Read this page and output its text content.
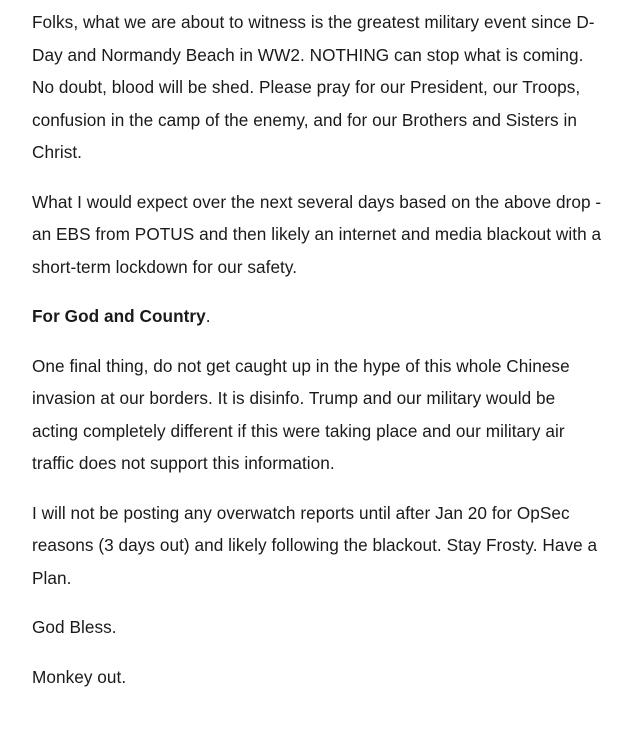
Folks, what we are about to witness is the greatest military event since D-Day and Normandy Beach in WW2. NOTHING can stop what is coming. No doubt, blood will be shed. Please pray for our President, our Troops, confusion in the camp of the enemy, and for our Brothers and Sisters in Christ.

What I would expect over the next several days based on the above drop - an EBS from POTUS and then likely an internet and media blackout with a short-term lockdown for our safety.

For God and Country.

One final thing, do not get caught up in the hype of this whole Chinese invasion at our borders. It is disinfo. Trump and our military would be acting completely different if this were taking place and our military air traffic does not support this information.

I will not be posting any overwatch reports until after Jan 20 for OpSec reasons (3 days out) and likely following the blackout. Stay Frosty. Have a Plan.

God Bless.

Monkey out.
